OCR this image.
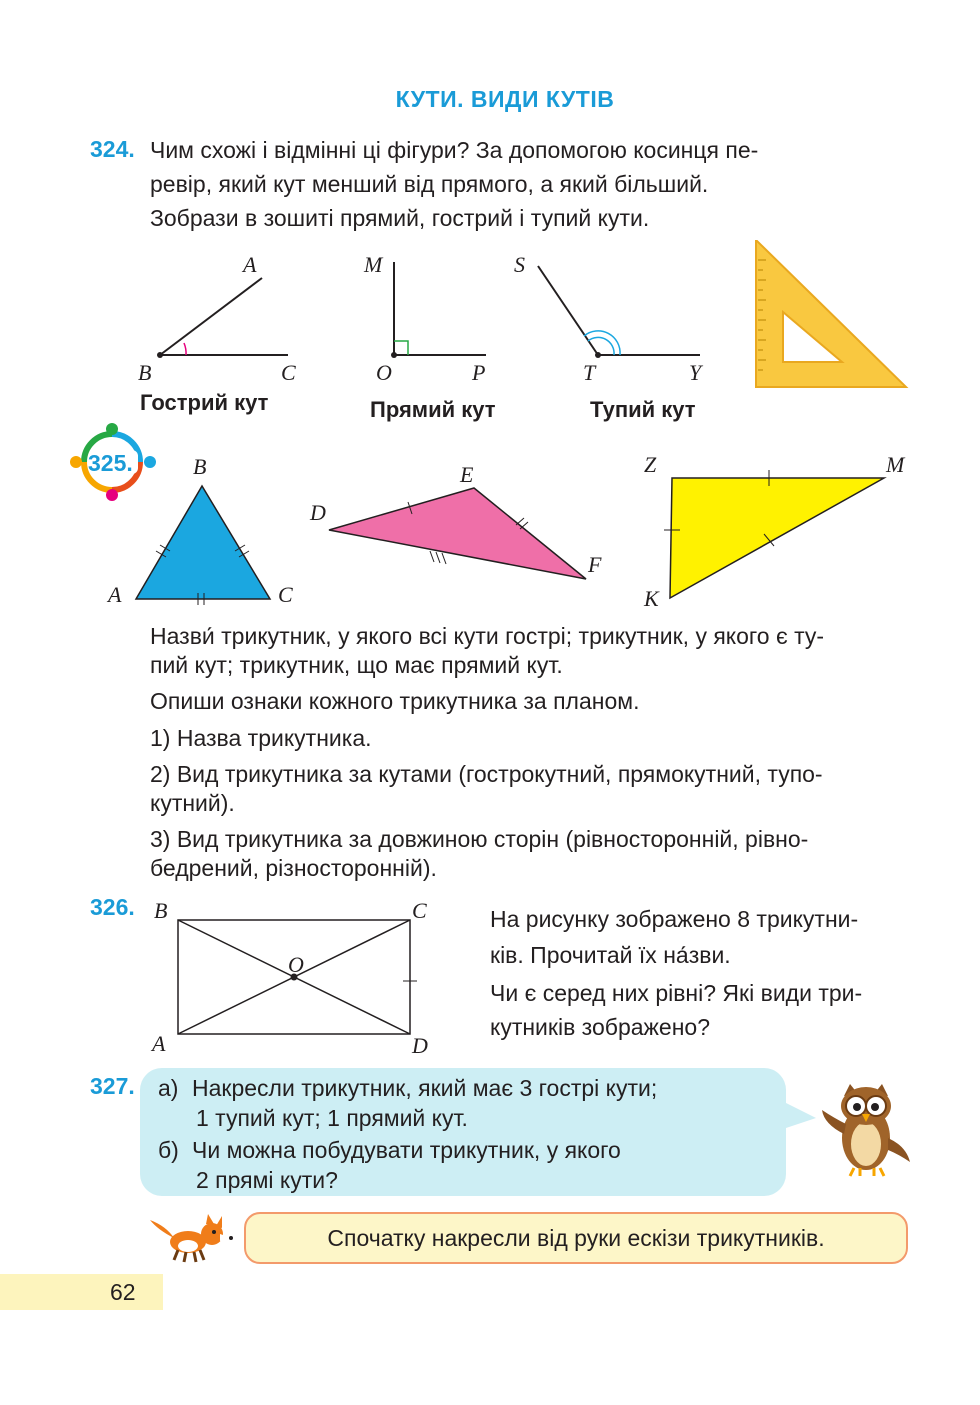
КУТИ. ВИДИ КУТІВ
324. Чим схожі і відмінні ці фігури? За допомогою косинця пе-
ревір, який кут менший від прямого, а який більший.
Зобрази в зошиті прямий, гострий і тупий кути.
A
B	C
M
O	P
S
T	Y
Гострий кут	Прямий кут	Тупий кут
325.	B
A	C
E
D
F
Z	M
K
Назви́ трикутник, у якого всі кути гострі; трикутник, у якого є ту-
пий кут; трикутник, що має прямий кут.
Опиши ознаки кожного трикутника за планом.
1) Назва трикутника.
2) Вид трикутника за кутами (гострокутний, прямокутний, тупо-
кутний).
3) Вид трикутника за довжиною сторін (рівносторонній, рівно-
бедрений, різносторонній).
326. B	C
O
A	D
На рисунку зображено 8 трикутни-
ків. Прочитай їх на́зви.
Чи є серед них рівні? Які види три-
кутників зображено?
327. а) Накресли трикутник, який має 3 гострі кути;
1 тупий кут; 1 прямий кут.
б) Чи можна побудувати трикутник, у якого
2 прямі кути?
Спочатку накресли від руки ескізи трикутників.
62
